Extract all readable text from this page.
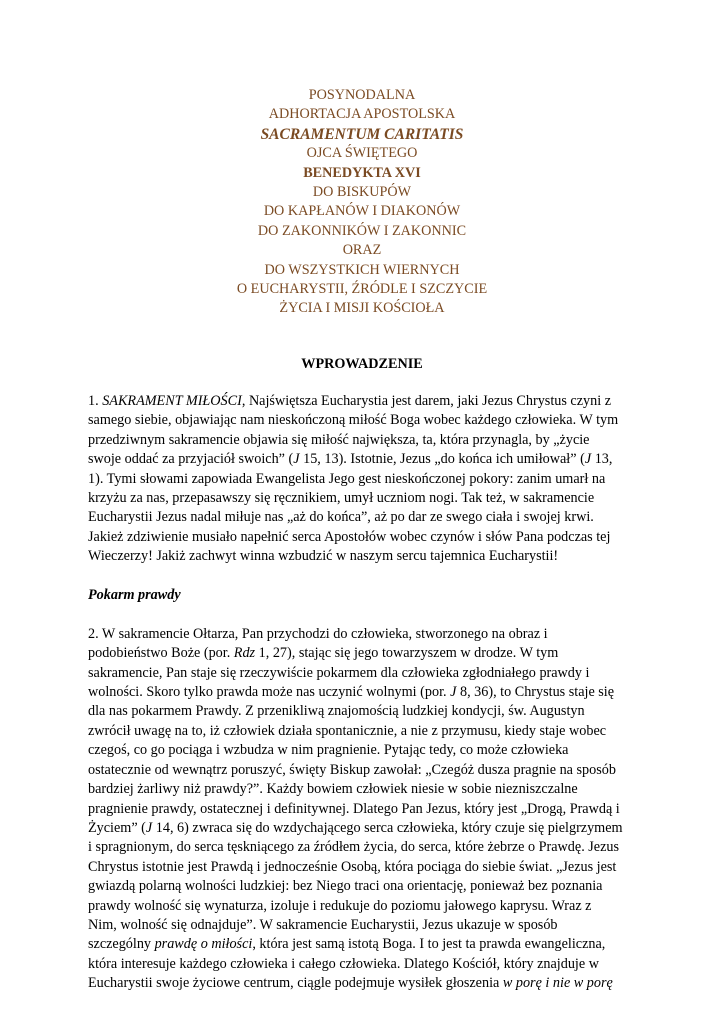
POSYNODALNA
ADHORTACJA APOSTOLSKA
SACRAMENTUM CARITATIS
OJCA ŚWIĘTEGO
BENEDYKTA XVI
DO BISKUPÓW
DO KAPŁANÓW I DIAKONÓW
DO ZAKONNIKÓW I ZAKONNIC
ORAZ
DO WSZYSTKICH WIERNYCH
O EUCHARYSTII, ŹRÓDLE I SZCZYCIE
ŻYCIA I MISJI KOŚCIOŁA
WPROWADZENIE
1. SAKRAMENT MIŁOŚCI, Najświętsza Eucharystia jest darem, jaki Jezus Chrystus czyni z
samego siebie, objawiając nam nieskończoną miłość Boga wobec każdego człowieka. W tym
przedziwnym sakramencie objawia się miłość największa, ta, która przynagla, by „życie
swoje oddać za przyjaciół swoich” (J 15, 13). Istotnie, Jezus „do końca ich umiłował” (J 13,
1). Tymi słowami zapowiada Ewangelista Jego gest nieskończonej pokory: zanim umarł na
krzyżu za nas, przepasawszy się ręcznikiem, umył uczniom nogi. Tak też, w sakramencie
Eucharystii Jezus nadal miłuje nas „aż do końca”, aż po dar ze swego ciała i swojej krwi.
Jakież zdziwienie musiało napełnić serca Apostołów wobec czynów i słów Pana podczas tej
Wieczerzy! Jakiż zachwyt winna wzbudzić w naszym sercu tajemnica Eucharystii!
Pokarm prawdy
2. W sakramencie Ołtarza, Pan przychodzi do człowieka, stworzonego na obraz i
podobieństwo Boże (por. Rdz 1, 27), stając się jego towarzyszem w drodze. W tym
sakramencie, Pan staje się rzeczywiście pokarmem dla człowieka zgłodniałego prawdy i
wolności. Skoro tylko prawda może nas uczynić wolnymi (por. J 8, 36), to Chrystus staje się
dla nas pokarmem Prawdy. Z przenikliwą znajomością ludzkiej kondycji, św. Augustyn
zwrócił uwagę na to, iż człowiek działa spontanicznie, a nie z przymusu, kiedy staje wobec
czegoś, co go pociąga i wzbudza w nim pragnienie. Pytając tedy, co może człowieka
ostatecznie od wewnątrz poruszyć, święty Biskup zawołał: „Czegóż dusza pragnie na sposób
bardziej żarliwy niż prawdy?”. Każdy bowiem człowiek niesie w sobie niezniszczalne
pragnienie prawdy, ostatecznej i definitywnej. Dlatego Pan Jezus, który jest „Drogą, Prawdą i
Życiem” (J 14, 6) zwraca się do wzdychającego serca człowieka, który czuje się pielgrzymem
i spragnionym, do serca tęskniącego za źródłem życia, do serca, które żebrze o Prawdę. Jezus
Chrystus istotnie jest Prawdą i jednocześnie Osobą, która pociąga do siebie świat. „Jezus jest
gwiazdą polarną wolności ludzkiej: bez Niego traci ona orientację, ponieważ bez poznania
prawdy wolność się wynaturza, izoluje i redukuje do poziomu jałowego kaprysu. Wraz z
Nim, wolność się odnajduje”. W sakramencie Eucharystii, Jezus ukazuje w sposób
szczególny prawdę o miłości, która jest samą istotą Boga. I to jest ta prawda ewangeliczna,
która interesuje każdego człowieka i całego człowieka. Dlatego Kościół, który znajduje w
Eucharystii swoje życiowe centrum, ciągle podejmuje wysiłek głoszenia w porę i nie w porę
